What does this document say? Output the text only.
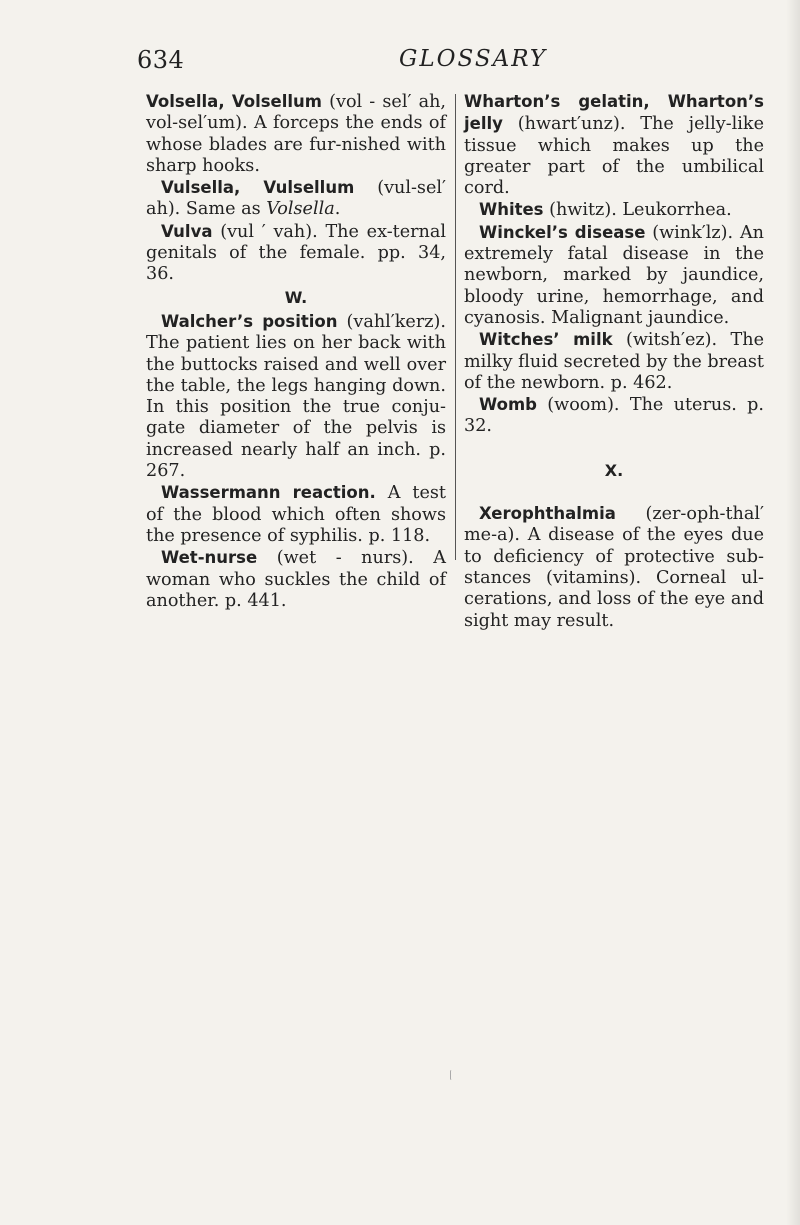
634	GLOSSARY

Volsella, Volsellum (vol - sel′ ah, vol-sel′um). A forceps the ends of whose blades are fur-nished with sharp hooks.

Vulsella, Vulsellum (vul-sel′ ah). Same as Volsella.

Vulva (vul ′ vah). The ex-ternal genitals of the female. pp. 34, 36.

W.

Walcher’s position (vahl′kerz). The patient lies on her back with the buttocks raised and well over the table, the legs hanging down. In this position the true conju-gate diameter of the pelvis is increased nearly half an inch. p. 267.

Wassermann reaction. A test of the blood which often shows the presence of syphilis. p. 118.

Wet-nurse (wet - nurs). A woman who suckles the child of another. p. 441.

Wharton’s gelatin, Wharton’s jelly (hwart′unz). The jelly-like tissue which makes up the greater part of the umbilical cord.

Whites (hwitz). Leukorrhea.

Winckel’s disease (wink′lz). An extremely fatal disease in the newborn, marked by jaundice, bloody urine, hemorrhage, and cyanosis. Malignant jaundice.

Witches’ milk (witsh′ez). The milky fluid secreted by the breast of the newborn. p. 462.

Womb (woom). The uterus. p. 32.

X.

Xerophthalmia (zer-oph-thal′ me-a). A disease of the eyes due to deficiency of protective sub-stances (vitamins). Corneal ul-cerations, and loss of the eye and sight may result.
